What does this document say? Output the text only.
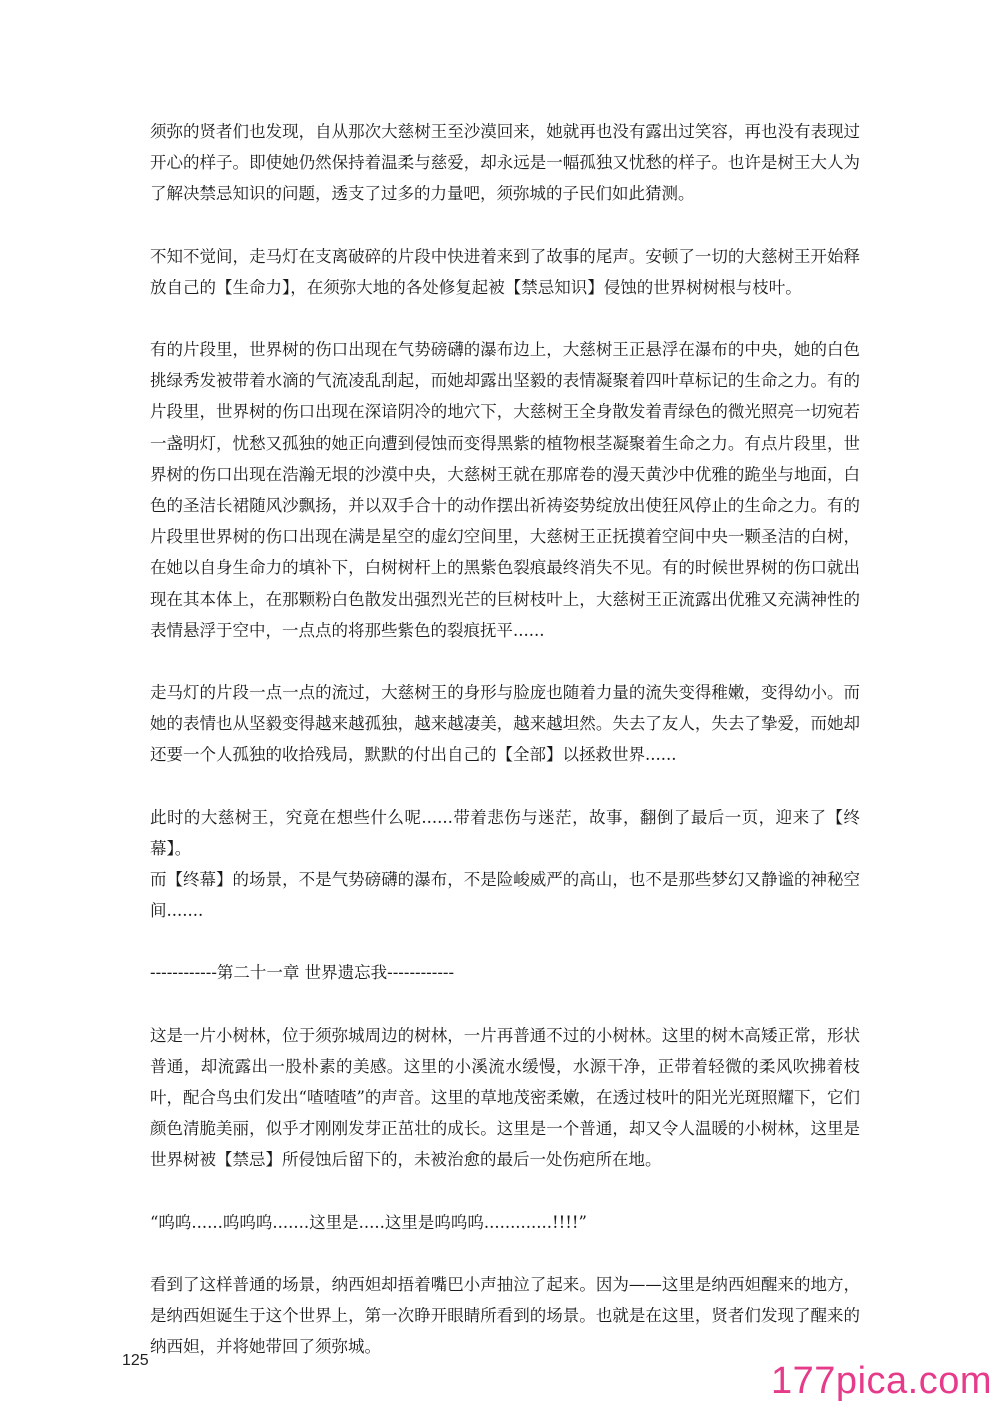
须弥的贤者们也发现，自从那次大慈树王至沙漠回来，她就再也没有露出过笑容，再也没有表现过开心的样子。即使她仍然保持着温柔与慈爱，却永远是一幅孤独又忧愁的样子。也许是树王大人为了解决禁忌知识的问题，透支了过多的力量吧，须弥城的子民们如此猜测。

不知不觉间，走马灯在支离破碎的片段中快进着来到了故事的尾声。安顿了一切的大慈树王开始释放自己的【生命力】，在须弥大地的各处修复起被【禁忌知识】侵蚀的世界树树根与枝叶。

有的片段里，世界树的伤口出现在气势磅礴的瀑布边上，大慈树王正悬浮在瀑布的中央，她的白色挑绿秀发被带着水滴的气流凌乱刮起，而她却露出坚毅的表情凝聚着四叶草标记的生命之力。有的片段里，世界树的伤口出现在深谙阴冷的地穴下，大慈树王全身散发着青绿色的微光照亮一切宛若一盏明灯，忧愁又孤独的她正向遭到侵蚀而变得黑紫的植物根茎凝聚着生命之力。有点片段里，世界树的伤口出现在浩瀚无垠的沙漠中央，大慈树王就在那席卷的漫天黄沙中优雅的跪坐与地面，白色的圣洁长裙随风沙飘扬，并以双手合十的动作摆出祈祷姿势绽放出使狂风停止的生命之力。有的片段里世界树的伤口出现在满是星空的虚幻空间里，大慈树王正抚摸着空间中央一颗圣洁的白树，在她以自身生命力的填补下，白树树杆上的黑紫色裂痕最终消失不见。有的时候世界树的伤口就出现在其本体上，在那颗粉白色散发出强烈光芒的巨树枝叶上，大慈树王正流露出优雅又充满神性的表情悬浮于空中，一点点的将那些紫色的裂痕抚平......

走马灯的片段一点一点的流过，大慈树王的身形与脸庞也随着力量的流失变得稚嫩，变得幼小。而她的表情也从坚毅变得越来越孤独，越来越凄美，越来越坦然。失去了友人，失去了挚爱，而她却还要一个人孤独的收拾残局，默默的付出自己的【全部】以拯救世界......

此时的大慈树王，究竟在想些什么呢......带着悲伤与迷茫，故事，翻倒了最后一页，迎来了【终幕】。

而【终幕】的场景，不是气势磅礴的瀑布，不是险峻威严的高山，也不是那些梦幻又静谧的神秘空间.......

------------第二十一章 世界遗忘我------------

这是一片小树林，位于须弥城周边的树林，一片再普通不过的小树林。这里的树木高矮正常，形状普通，却流露出一股朴素的美感。这里的小溪流水缓慢，水源干净，正带着轻微的柔风吹拂着枝叶，配合鸟虫们发出“喳喳喳”的声音。这里的草地茂密柔嫩，在透过枝叶的阳光光斑照耀下，它们颜色清脆美丽，似乎才刚刚发芽正茁壮的成长。这里是一个普通，却又令人温暖的小树林，这里是世界树被【禁忌】所侵蚀后留下的，未被治愈的最后一处伤疤所在地。

“呜呜......呜呜呜.......这里是.....这里是呜呜呜.............!!!!”

看到了这样普通的场景，纳西妲却捂着嘴巴小声抽泣了起来。因为——这里是纳西妲醒来的地方，是纳西妲诞生于这个世界上，第一次睁开眼睛所看到的场景。也就是在这里，贤者们发现了醒来的纳西妲，并将她带回了须弥城。

125	177pica.com
